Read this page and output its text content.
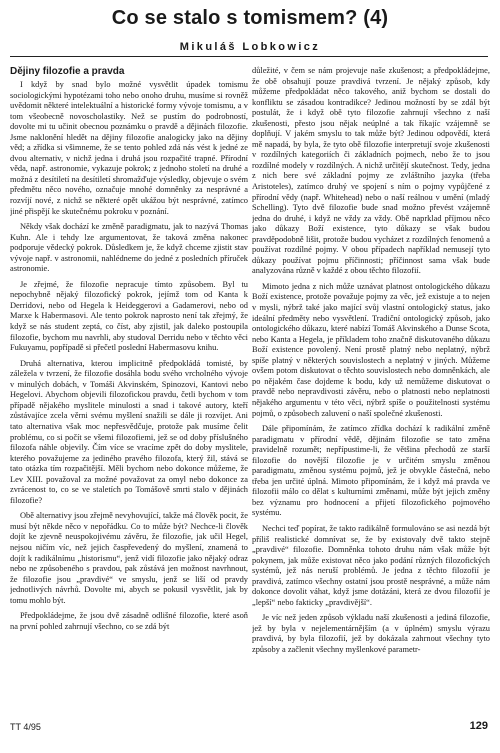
Co se stalo s tomismem? (4)
Mikuláš Lobkowicz
Dějiny filozofie a pravda

I když by snad bylo možné vysvětlit úpadek tomismu sociologickými hypotézami toho nebo onoho druhu, musíme si rovněž uvědomit některé intelektuální a historické formy vývoje tomismu, a v tom všeobecně novoscholastiky. Než se pustím do podrobností, dovolte mi tu učinit obecnou poznámku o pravdě a dějinách filozofie. Jsme naklonění hledět na dějiny filozofie analogicky jako na dějiny věd; a zřídka si všimneme, že se tento pohled zdá nás vést k jedné ze dvou alternativ, v nichž jedna i druhá jsou rozpačité trapné. Přírodní věda, např. astronomie, vykazuje pokrok; z jednoho století na druhé a možná z desítiletí na desítiletí shromažďuje výsledky, objevuje o svém předmětu něco nového, označuje mnohé domněnky za nesprávné a rozvíjí nové, z nichž se některé opět ukážou být nesprávné, zatímco jiné přispějí ke skutečnému pokroku v poznání.

Někdy však dochází ke změně paradigmatu, jak to nazývá Thomas Kuhn. Ale i tehdy lze argumentovat, že taková změna nakonec podporuje vědecký pokrok. Důsledkem je, že když chceme zjistit stav vývoje např. v astronomii, nahlédneme do jedné z posledních příruček astronomie.

Je zřejmé, že filozofie nepracuje tímto způsobem. Byl tu nepochybně nějaký filozofický pokrok, jejímž tom od Kanta k Derridovi, nebo od Hegela k Heideggerovi a Gadamerovi, nebo od Marxe k Habermasovi. Ale tento pokrok naprosto není tak zřejmý, že když se nás student zeptá, co číst, aby zjistil, jak daleko postoupila filozofie, bychom mu navrhli, aby studoval Derridu nebo v těchto věci Fukuyamu, popřípadě si přečetl poslední Habermasovu knihu.

Druhá alternativa, kterou implicitně předpokládá tomisté, by záležela v tvrzení, že filozofie dosáhla bodu svého vrcholného vývoje v minulých dobách, v Tomáši Akvinském, Spinozovi, Kantovi nebo Hegelovi. Abychom objevili filozofickou pravdu, četli bychom v tom případě nějakého myslitele minulosti a snad i takové autory, kteří zůstávajíce zcela věrni svému myšlení snažili se dále ji rozvíjet. Ani tato alternativa však moc nepřesvědčuje, protože pak musíme čelit problému, co si počít se všemi filozofiemi, jež se od doby příslušného filozofa náhle objevily. Čím více se vracíme zpět do doby myslitele, kterého považujeme za jediného pravého filozofa, který žil, stává se tato otázka tím rozpačitější. Měli bychom nebo dokonce můžeme, že Lev XIII. považoval za možné považovat za omyl nebo dokonce za zvrácenost to, co se ve staletích po Tomášově smrti stalo v dějinách filozofie?

Obě alternativy jsou zřejmě nevyhovující, takže má člověk pocit, že musí být někde něco v nepořádku. Co to může být? Nechce-li člověk dojít ke zjevně neuspokojivému závěru, že filozofie, jak učil Hegel, nejsou ničím víc, než jejich časpřevedený do myšlení, znamená to dojít k radikálnímu „historismu“, jenž vidí filozofie jako nějaký odraz nebo ne způsobeného s pravdou, pak zůstává jen možnost navrhnout, že filozofie jsou „pravdivé“ ve smyslu, jenž se liší od pravdy jednotlivých návrhů. Dovolte mi, abych se pokusil vysvětlit, jak by tomu mohlo být.

Předpokládejme, že jsou dvě zásadně odlišné filozofie, které asoň na první pohled zahrnují všechno, co se zdá být

důležité, v čem se nám projevuje naše zkušenost; a předpokládejme, že obě obsahují pouze pravdivá tvrzení. Je nějaký způsob, kdy můžeme předpokládat něco takového, aniž bychom se dostali do konfliktu se zásadou kontradikce? Jedinou možností by se zdál být postulát, že i když obě tyto filozofie zahrnují všechno z naší zkušenosti, přesto jsou nějak neúplné a tak říkajíc vzájemně se doplňují. V jakém smyslu to tak může být? Jedinou odpovědí, která mě napadá, by byla, že tyto obě filozofie interpretují svoje zkušenosti v rozdílných kategoriích či základních pojmech, nebo že to jsou rozdílné modely v rozdílných. A nichž určitějí skutečnost. Tedy, jedna z nich bere své základní pojmy ze zvláštního jazyka (třeba Aristoteles), zatímco druhý ve spojení s ním o pojmy vypůjčené z přírodní vědy (např. Whitehead) nebo o naší reálnou v umění (mladý Schelling). Tyto dvě filozofie bude snad možno převést vzájemně jedna do druhé, i když ne vždy za vždy. Obě naprklad příjmou něco jako důkazy Boží existence, tyto důkazy se však budou pravděpodobně lišit, protože budou vycházet z rozdílných fenomenů a používat rozdílné pojmy. V obou případech například nemusejí tyto důkazy používat pojmu příčinnosti; příčinnost sama však bude analyzována různě v každé z obou těchto filozofií.

Mimoto jedna z nich může uznávat platnost ontologického důkazu Boží existence, protože považuje pojmy za věc, jež existuje a to nejen v mysli, nýbrž také jako mající svůj vlastní ontologický status, jako ideální předměty nebo vysvětlení. Tradiční ontologický způsob, jako ontologického důkazu, které nabízí Tomáš Akvinského a Dunse Scota, nebo Kanta a Hegela, je příkladem toho značně diskutovaného důkazu Boží existence povolený. Není prostě platný nebo neplatný, nýbrž spíše platný v některých souvislostech a neplatný v jiných. Můžeme ovšem potom diskutovat o těchto souvislostech nebo domněnkách, ale po nějakém čase dojdeme k bodu, kdy už nemůžeme diskutovat o pravdě nebo nepravdivosti závěru, nebo o platnosti nebo neplatnosti nějakého argumentu v této věci, nýbrž spíše o použitelnosti systému pojmů, o způsobech zaluvení o naší společné zkušenosti.

Dále připomínám, že zatímco zřídka dochází k radikální změně paradigmatu v přírodní vědě, dějinám filozofie se tato změna pravidelně rozumět; nepřípustime-li, že většina přechodů ze starší filozofie do novější filozofie je v určitém smyslu změnou paradigmatu, změnou systému pojmů, jež je obvykle částečná, nebo třeba jen určité úplná. Mimoto připomínám, že i když má pravda ve filozofii málo co dělat s kulturními změnami, může být jejich změny bez významu pro hodnocení a přijetí filozofického pojmového systému.

Nechci teď popírat, že takto radikálně formulováno se asi nezdá být příliš realistické domnívat se, že by existovaly dvě takto stejně „pravdivé“ filozofie. Domněnka tohoto druhu nám však může být pokynem, jak může existovat něco jako podání různých filozofických systémů, jež nás neruší problémů. Je jedna z těchto filozofií je pravdivá, zatímco všechny ostatní jsou prostě nesprávné, a může nám dokonce dovolit váhat, když jsme dotázáni, která ze dvou filozofií je „lepší“ nebo fakticky „pravdivější“.

Je víc než jeden způsob výkladu naší zkušenosti a jediná filozofie, jež by byla v nejelementárnějším (a v úplném) smyslu výrazu pravdivá, by byla filozofií, jež by dokázala zahrnout všechny tyto způsoby a začlenit všechny myšlenkové parametr-

TT 4/95	129
